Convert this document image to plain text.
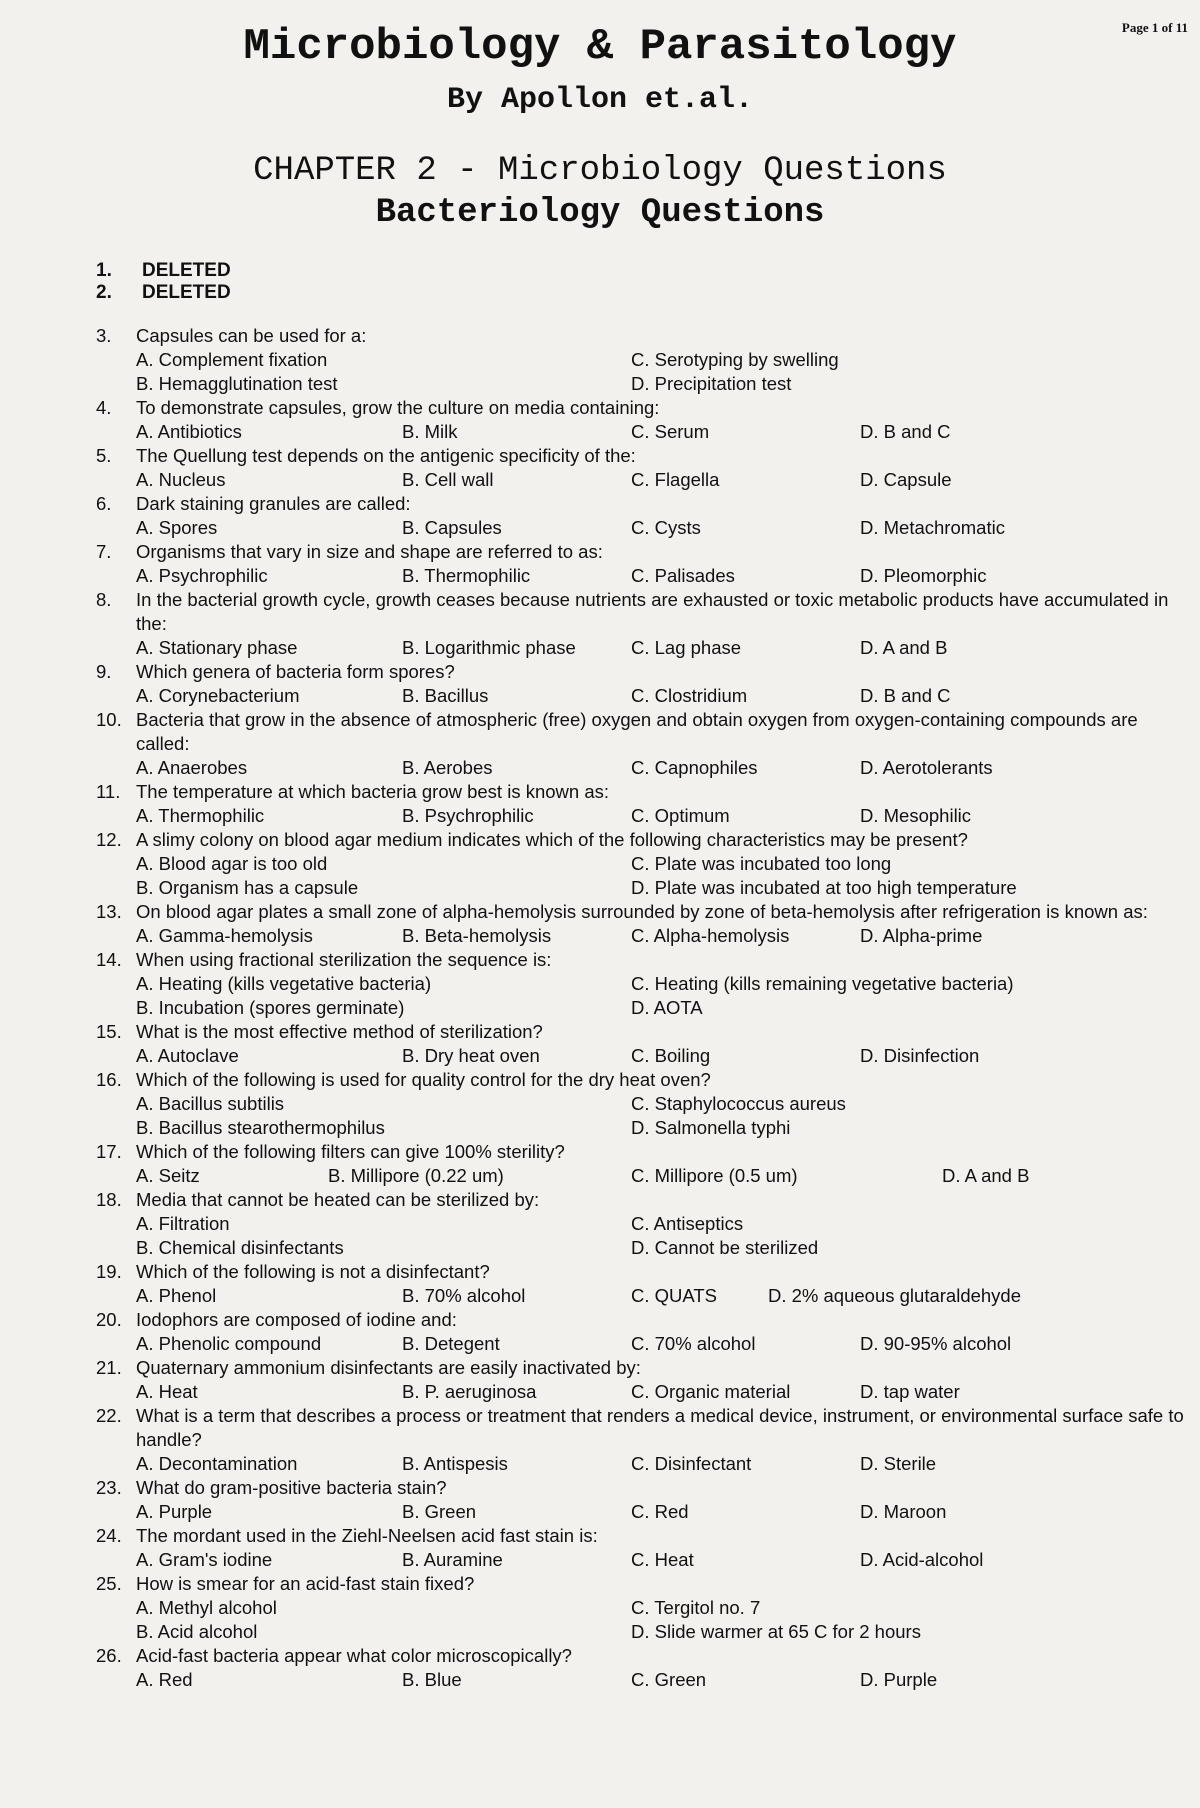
Page 1 of 11
Microbiology & Parasitology
By Apollon et.al.
CHAPTER 2 - Microbiology Questions
Bacteriology Questions
1.	DELETED
2.	DELETED
3.	Capsules can be used for a:
A. Complement fixation	C. Serotyping by swelling
B. Hemagglutination test	D. Precipitation test
4.	To demonstrate capsules, grow the culture on media containing:
A. Antibiotics	B. Milk	C. Serum	D. B and C
5.	The Quellung test depends on the antigenic specificity of the:
A. Nucleus	B. Cell wall	C. Flagella	D. Capsule
6.	Dark staining granules are called:
A. Spores	B. Capsules	C. Cysts	D. Metachromatic
7.	Organisms that vary in size and shape are referred to as:
A. Psychrophilic	B. Thermophilic	C. Palisades	D. Pleomorphic
8.	In the bacterial growth cycle, growth ceases because nutrients are exhausted or toxic metabolic products have accumulated in the:
A. Stationary phase	B. Logarithmic phase	C. Lag phase	D. A and B
9.	Which genera of bacteria form spores?
A. Corynebacterium	B. Bacillus	C. Clostridium	D. B and C
10. Bacteria that grow in the absence of atmospheric (free) oxygen and obtain oxygen from oxygen-containing compounds are called:
A. Anaerobes	B. Aerobes	C. Capnophiles	D. Aerotolerants
11. The temperature at which bacteria grow best is known as:
A. Thermophilic	B. Psychrophilic	C. Optimum	D. Mesophilic
12. A slimy colony on blood agar medium indicates which of the following characteristics may be present?
A. Blood agar is too old	C. Plate was incubated too long
B. Organism has a capsule	D. Plate was incubated at too high temperature
13. On blood agar plates a small zone of alpha-hemolysis surrounded by zone of beta-hemolysis after refrigeration is known as:
A. Gamma-hemolysis	B. Beta-hemolysis	C. Alpha-hemolysis	D. Alpha-prime
14. When using fractional sterilization the sequence is:
A. Heating (kills vegetative bacteria)	C. Heating (kills remaining vegetative bacteria)
B. Incubation (spores germinate)	D. AOTA
15. What is the most effective method of sterilization?
A. Autoclave	B. Dry heat oven	C. Boiling	D. Disinfection
16. Which of the following is used for quality control for the dry heat oven?
A. Bacillus subtilis	C. Staphylococcus aureus
B. Bacillus stearothermophilus	D. Salmonella typhi
17. Which of the following filters can give 100% sterility?
A. Seitz	B. Millipore (0.22 um)	C. Millipore (0.5 um)	D. A and B
18. Media that cannot be heated can be sterilized by:
A. Filtration	C. Antiseptics
B. Chemical disinfectants	D. Cannot be sterilized
19. Which of the following is not a disinfectant?
A. Phenol	B. 70% alcohol	C. QUATS	D. 2% aqueous glutaraldehyde
20. Iodophors are composed of iodine and:
A. Phenolic compound	B. Detegent	C. 70% alcohol	D. 90-95% alcohol
21. Quaternary ammonium disinfectants are easily inactivated by:
A. Heat	B. P. aeruginosa	C. Organic material	D. tap water
22. What is a term that describes a process or treatment that renders a medical device, instrument, or environmental surface safe to handle?
A. Decontamination	B. Antispesis	C. Disinfectant	D. Sterile
23. What do gram-positive bacteria stain?
A. Purple	B. Green	C. Red	D. Maroon
24. The mordant used in the Ziehl-Neelsen acid fast stain is:
A. Gram's iodine	B. Auramine	C. Heat	D. Acid-alcohol
25. How is smear for an acid-fast stain fixed?
A. Methyl alcohol	C. Tergitol no. 7
B. Acid alcohol	D. Slide warmer at 65 C for 2 hours
26. Acid-fast bacteria appear what color microscopically?
A. Red	B. Blue	C. Green	D. Purple
